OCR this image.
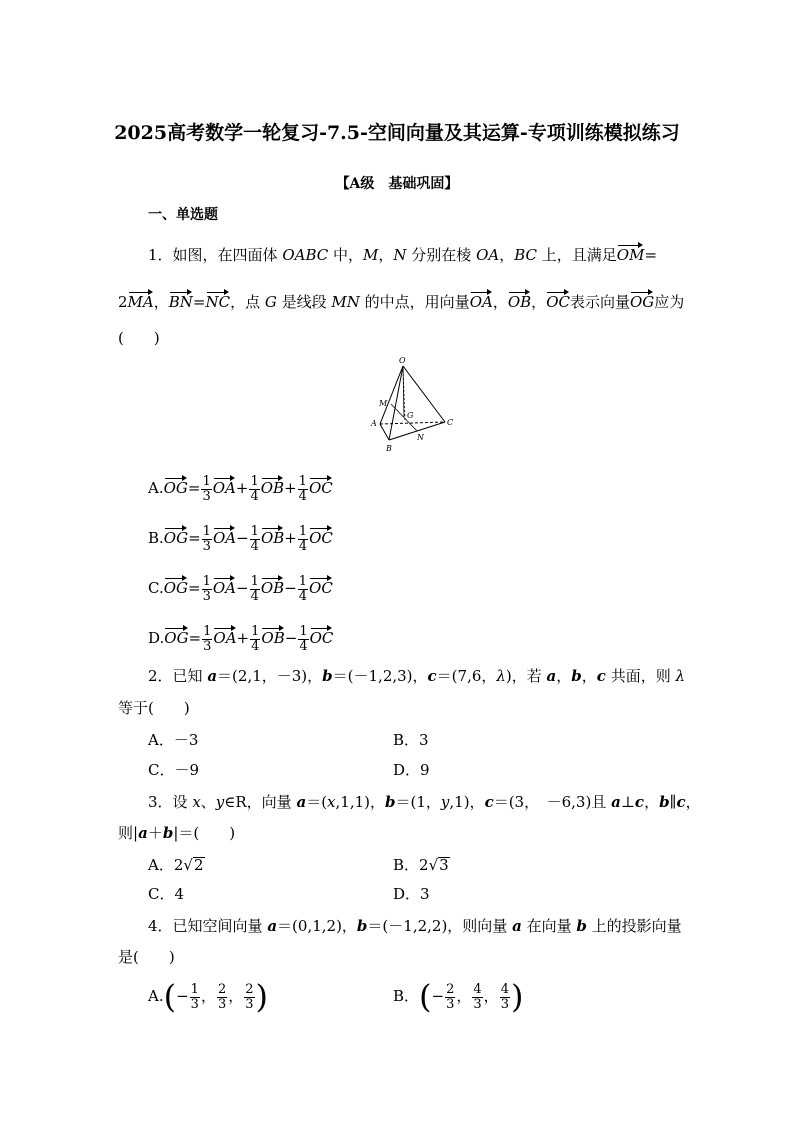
2025高考数学一轮复习-7.5-空间向量及其运算-专项训练模拟练习
【A级　基础巩固】
一、单选题
1．如图，在四面体 OABC 中，M，N 分别在棱 OA，BC 上，且满足OM=
2MA，BN=NC，点 G 是线段 MN 的中点，用向量OA，OB，OC表示向量OG应为
(　　)
O
M
G
A	C
N
B
$A.OG= \frac{1}{3} OA+ \frac{1}{4} OB+ \frac{1}{4}$ OC
$B.OG= \frac{1}{3} OA- \frac{1}{4} OB+ \frac{1}{4}$ OC
$C.OG= \frac{1}{3} OA- \frac{1}{4} OB- \frac{1}{4}$ OC
$D.OG= \frac{1}{3} OA+ \frac{1}{4} OB- \frac{1}{4}$ OC
2．已知 a＝(2,1，－3)，b＝(－1,2,3)，c＝(7,6，λ)，若 a，b，c 共面，则 λ
等于(　　)
A．－3	B．3
C．－9	D．9
3．设 x、y∈R，向量 a＝(x,1,1)，b＝(1，y,1)，c＝(3，　－6,3)且 a⊥c，b∥c，
则|a＋b|＝(　　)
A．2√2	B．2√3
C．4	D．3
4．已知空间向量 a＝(0,1,2)，b＝(－1,2,2)，则向量 a 在向量 b 上的投影向量
是(　　)
$A.(- \frac{1}{3}$ ， $\frac{2}{3}$ ， $\frac{2}{3}$ )	B．(− $\frac{2}{3}$ ， $\frac{4}{3}$ ， $\frac{4}{3}$ )
